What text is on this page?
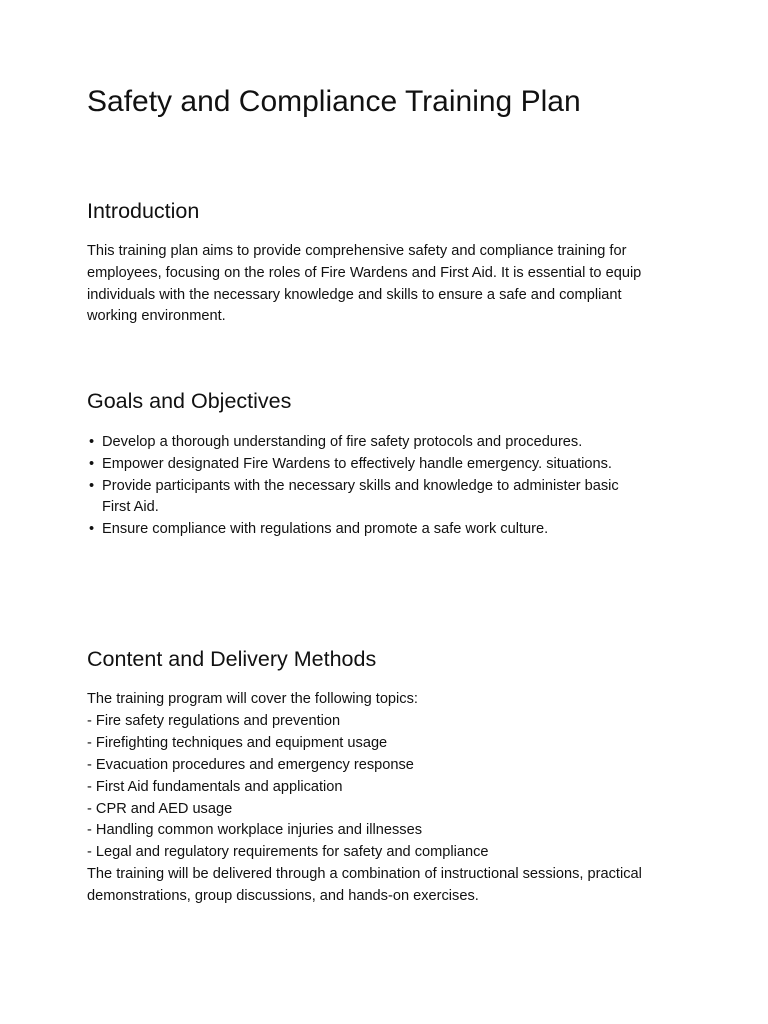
Safety and Compliance Training Plan
Introduction

This training plan aims to provide comprehensive safety and compliance training for employees, focusing on the roles of Fire Wardens and First Aid. It is essential to equip individuals with the necessary knowledge and skills to ensure a safe and compliant working environment.

Goals and Objectives
• Develop a thorough understanding of fire safety protocols and procedures.
• Empower designated Fire Wardens to effectively handle emergency. situations.
• Provide participants with the necessary skills and knowledge to administer basic First Aid.
• Ensure compliance with regulations and promote a safe work culture.
Content and Delivery Methods
The training program will cover the following topics:
- Fire safety regulations and prevention
- Firefighting techniques and equipment usage
- Evacuation procedures and emergency response
- First Aid fundamentals and application
- CPR and AED usage
- Handling common workplace injuries and illnesses
- Legal and regulatory requirements for safety and compliance

The training will be delivered through a combination of instructional sessions, practical demonstrations, group discussions, and hands-on exercises.
